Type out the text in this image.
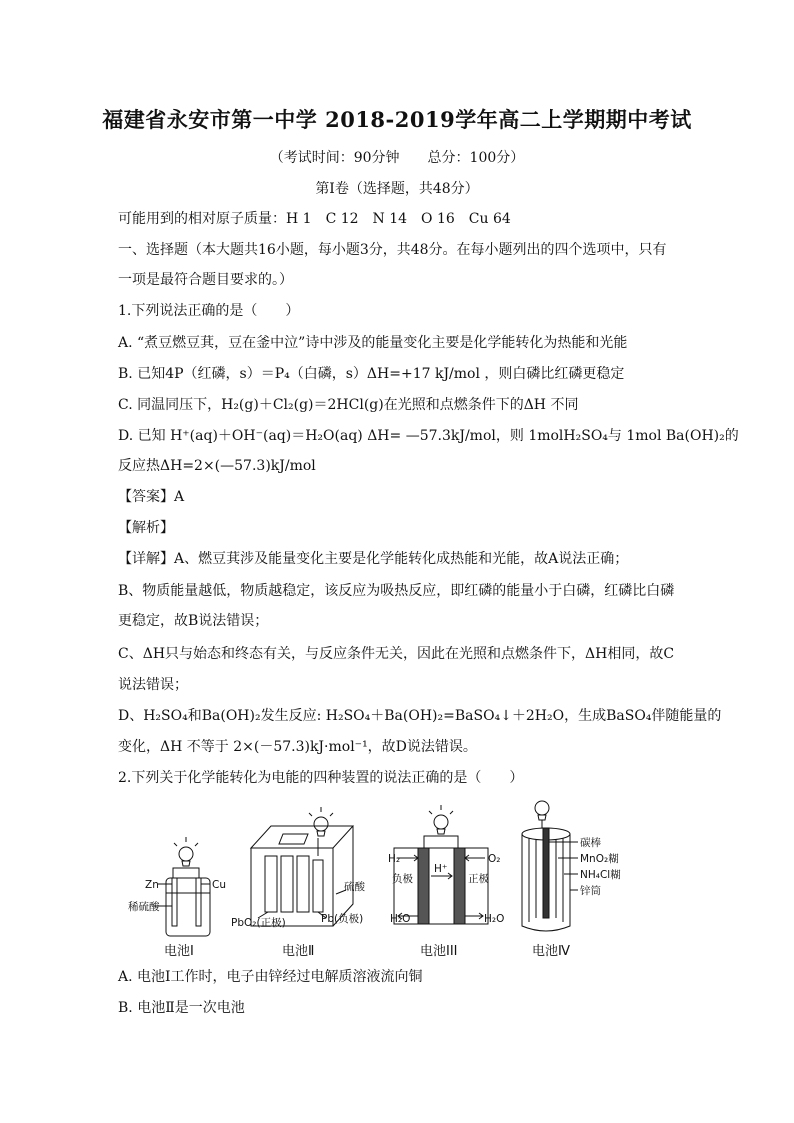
福建省永安市第一中学 2018-2019学年高二上学期期中考试
（考试时间：90分钟　　总分：100分）
第Ⅰ卷（选择题，共48分）
可能用到的相对原子质量：H 1　C 12　N 14　O 16　Cu 64
一、选择题（本大题共16小题，每小题3分，共48分。在每小题列出的四个选项中，只有
一项是最符合题目要求的。）
1.下列说法正确的是（　　）
A. “煮豆燃豆萁，豆在釜中泣”诗中涉及的能量变化主要是化学能转化为热能和光能
B. 已知4P（红磷，s）＝P₄（白磷，s）ΔH=+17 kJ/mol ，则白磷比红磷更稳定
C. 同温同压下，H₂(g)＋Cl₂(g)＝2HCl(g)在光照和点燃条件下的ΔH 不同
D. 已知 H⁺(aq)＋OH⁻(aq)＝H₂O(aq) ΔH= —57.3kJ/mol，则 1molH₂SO₄与 1mol Ba(OH)₂的
反应热ΔH=2×(—57.3)kJ/mol
【答案】A
【解析】
【详解】A、燃豆萁涉及能量变化主要是化学能转化成热能和光能，故A说法正确；
B、物质能量越低，物质越稳定，该反应为吸热反应，即红磷的能量小于白磷，红磷比白磷
更稳定，故B说法错误；
C、ΔH只与始态和终态有关，与反应条件无关，因此在光照和点燃条件下，ΔH相同，故C
说法错误；
D、H₂SO₄和Ba(OH)₂发生反应: H₂SO₄＋Ba(OH)₂=BaSO₄↓＋2H₂O，生成BaSO₄伴随能量的
变化，ΔH 不等于 2×(－57.3)kJ·mol⁻¹，故D说法错误。
2.下列关于化学能转化为电能的四种装置的说法正确的是（　　）
Zn	Cu
稀硫酸
电池Ⅰ
硫酸
PbO₂(正极)	Pb(负极)
电池Ⅱ
H₂	O₂
负极	正极
H⁺
H₂O	H₂O
电池III
碳棒
MnO₂糊
NH₄Cl糊
锌筒
电池Ⅳ
A. 电池Ⅰ工作时，电子由锌经过电解质溶液流向铜
B. 电池Ⅱ是一次电池
